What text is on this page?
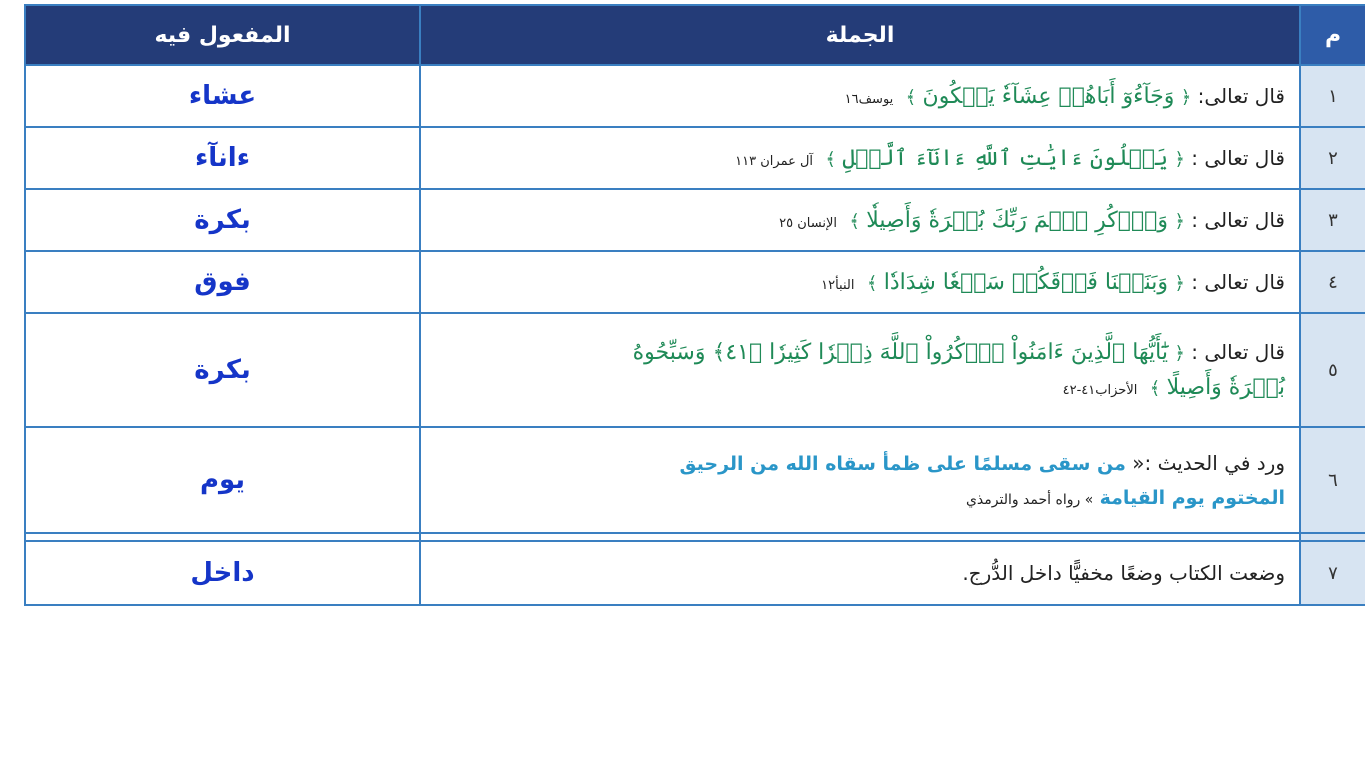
م	الجملة	المفعول فيه
١	قال تعالى: ﴿ وَجَآءُوٓ أَبَاهُمۡ عِشَآءٗ يَبۡكُونَ ﴾ يوسف١٦	عشاء
٢	قال تعالى : ﴿ يَتۡلُونَ ءَايَٰتِ ٱللَّهِ ءَانَآءَ ٱلَّيۡلِ ﴾ آل عمران ١١٣	ءانآء
٣	قال تعالى : ﴿ وَٱذۡكُرِ ٱسۡمَ رَبِّكَ بُكۡرَةٗ وَأَصِيلٗا ﴾ الإنسان ٢٥	بكرة
٤	قال تعالى : ﴿ وَبَنَيۡنَا فَوۡقَكُمۡ سَبۡعٗا شِدَادٗا ﴾ النبأ١٢	فوق
٥	قال تعالى : ﴿ يَٰٓأَيُّهَا ٱلَّذِينَ ءَامَنُواْ ٱذۡكُرُواْ ٱللَّهَ ذِكۡرٗا كَثِيرٗا ﴿٤١﴾ وَسَبِّحُوهُ
بُكۡرَةٗ وَأَصِيلًا ﴾ الأحزاب٤١-٤٢	بكرة
٦	ورد في الحديث :« من سقى مسلمًا على ظمأ سقاه الله من الرحيق
المختوم يوم القيامة » رواه أحمد والترمذي	يوم

٧	وضعت الكتاب وضعًا مخفيًّا داخل الدُّرج.	داخل
